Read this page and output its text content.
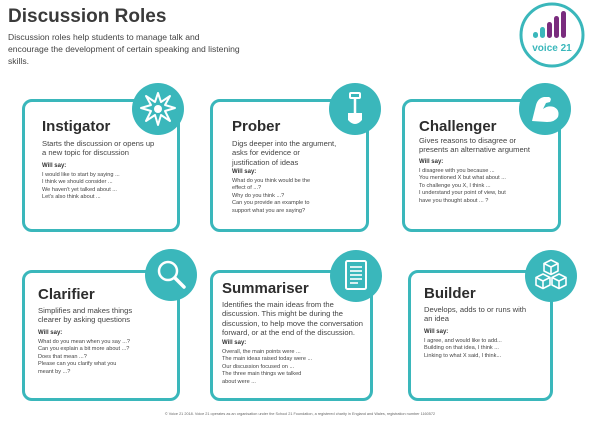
Discussion Roles
Discussion roles help students to manage talk and
encourage the development of certain speaking and listening
skills.
voice 21
Instigator
Starts the discussion or opens up
a new topic for discussion
Will say:
I would like to start by saying ...
I think we should consider ...
We haven't yet talked about ...
Let's also think about ...
Prober
Digs deeper into the argument,
asks for evidence or
justification of ideas
Will say:
What do you think would be the
effect of ...?
Why do you think ...?
Can you provide an example to
support what you are saying?
Challenger
Gives reasons to disagree or
presents an alternative argument
Will say:
I disagree with you because ...
You mentioned X but what about ...
To challenge you X, I think ...
I understand your point of view, but
have you thought about ... ?
Clarifier
Simplifies and makes things
clearer by asking questions
Will say:
What do you mean when you say ...?
Can you explain a bit more about ...?
Does that mean ...?
Please can you clarify what you
meant by ...?
Summariser
Identifies the main ideas from the
discussion. This might be during the
discussion, to help move the conversation
forward, or at the end of the discussion.
Will say:
Overall, the main points were ...
The main ideas raised today were ...
Our discussion focused on ...
The three main things we talked
about were ...
Builder
Develops, adds to or runs with
an idea
Will say:
I agree, and would like to add...
Building on that idea, I think ...
Linking to what X said, I think...
© Voice 21 2018. Voice 21 operates as an organisation under the School 21 Foundation, a registered charity in England and Wales, registration number 1160572
